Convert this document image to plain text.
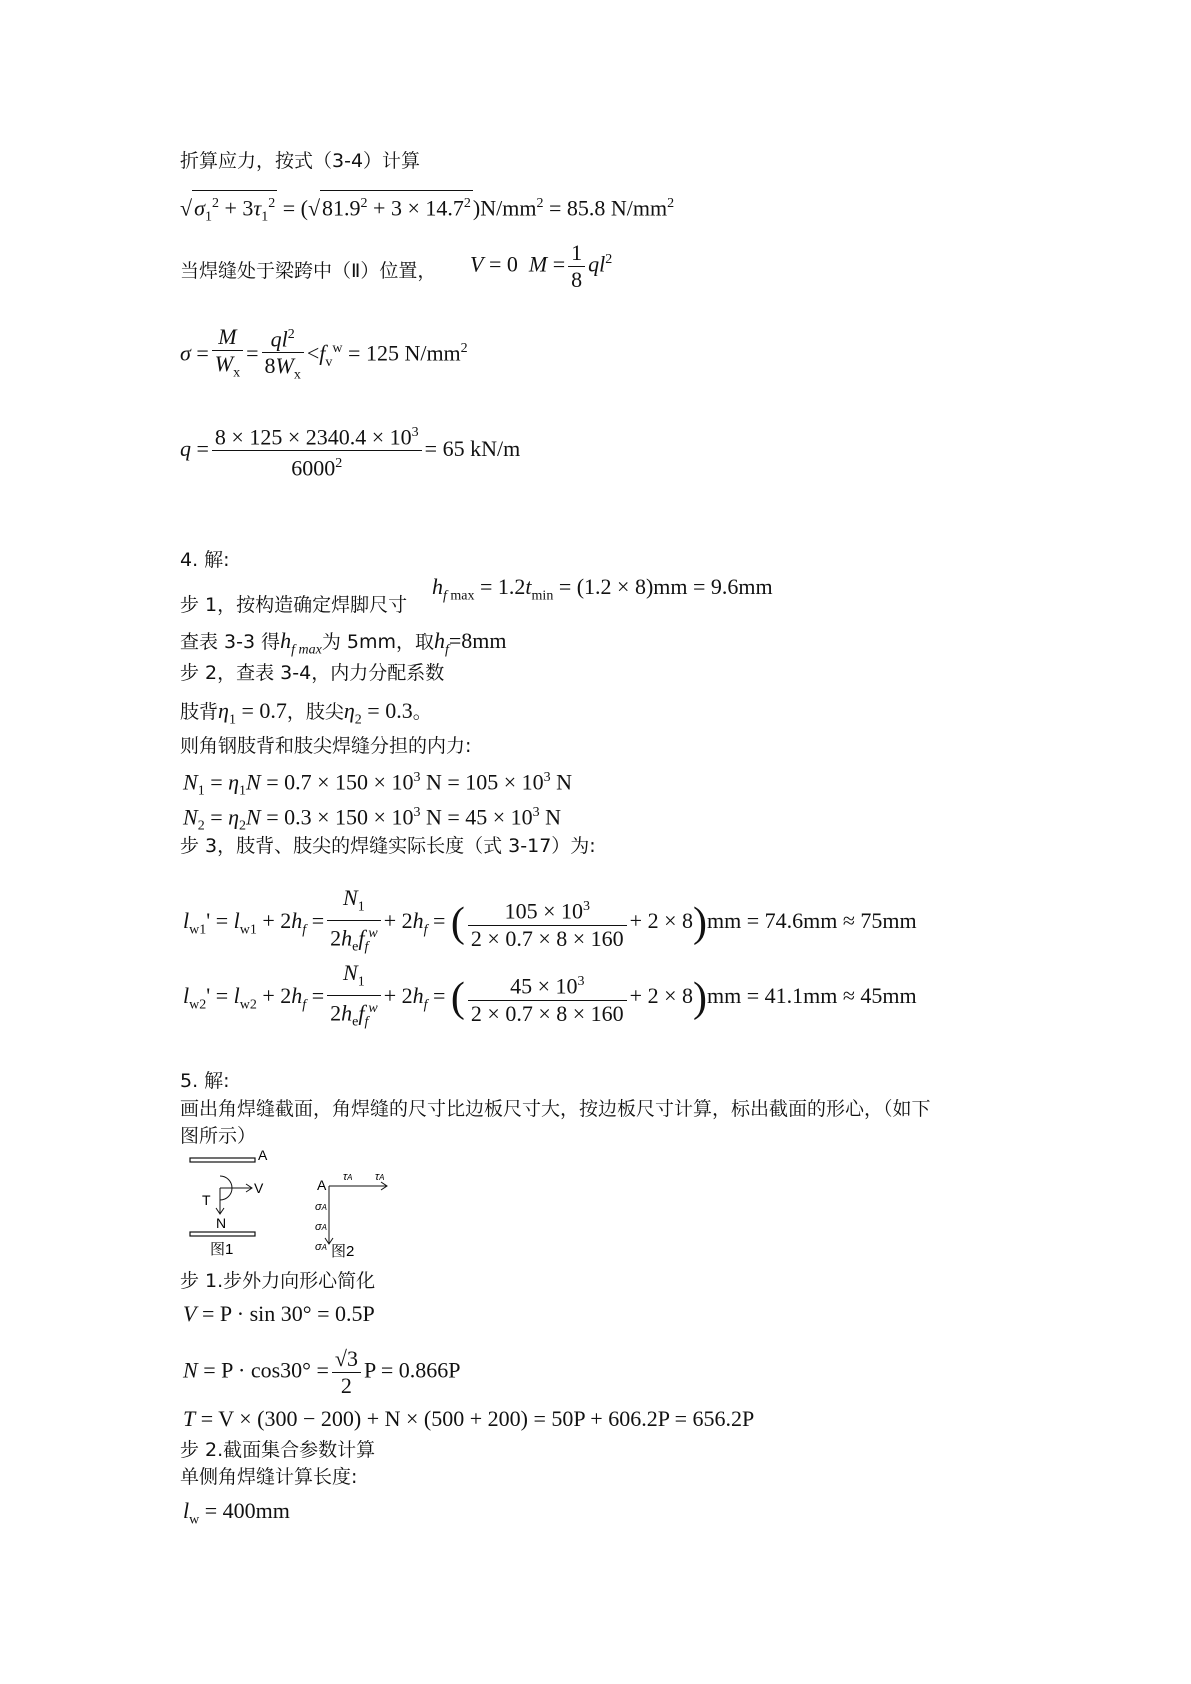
折算应力，按式（3-4）计算
$√\sigma_1^2 + 3\tau_1^2 = (√81.9^2 + 3 \times 14.7^2)N/mm^2 = 85.8$ $N/mm^2$
当焊缝处于梁跨中（Ⅱ）位置， V = 0  $M = \frac{1}{8} ql^2$
$\sigma = \frac{M}{W_x} = \frac{ql^2}{8W_x} <f_v^w = 125$ $N/mm^2$
$q = \frac{8 \times 125 \times 2340.4 \times 10^3}{6000^2} = 65$ kN/m
4. 解:
步 1，按构造确定焊脚尺寸
$h_{f max} = 1.2t_{min} = (1.2 \times 8)mm = 9.6mm$
查表 3-3 得$h_{f max}$为 5mm，取$h_f=8mm$
步 2，查表 3-4，内力分配系数
肢背$\eta_1 = 0.7$，肢尖$\eta_2 = 0.3$。
则角钢肢背和肢尖焊缝分担的内力:
$N_1 = \eta_1N = 0.7 \times 150 \times 10^3$ $N = 105 \times 10^3$ N
$N_2 = \eta_2N = 0.3 \times 150 \times 10^3$ $N = 45 \times 10^3$ N
步 3，肢背、肢尖的焊缝实际长度（式 3-17）为:
$l_{w1}' = l_{w1} + 2h_f = \frac{N_1}{2h_ef_f^w} + 2h_f$ = ( $\frac{105 \times 10^3}{2 \times 0.7 \times 8 \times 160} + 2 \times 8)mm = 74.6mm \approx 75mm$
$l_{w2}' = l_{w2} + 2h_f = \frac{N_1}{2h_ef_f^w} + 2h_f$ = ( $\frac{45 \times 10^3}{2 \times 0.7 \times 8 \times 160} + 2 \times 8)mm = 41.1mm \approx 45mm$
5. 解:
画出角焊缝截面，角焊缝的尺寸比边板尺寸大，按边板尺寸计算，标出截面的形心，（如下
图所示）
A
V
T
N
图1
A τA τA
σA
σA
σA 图2
步 1.步外力向形心简化
V = P · sin 30° = 0.5P
$N = P \cdot \cos 30^\circ = \frac{√3}{2}$ P = 0.866P
T = V × (300 − 200) + N × (500 + 200) = 50P + 606.2P = 656.2P
步 2.截面集合参数计算
单侧角焊缝计算长度:
$l_w = 400mm$
